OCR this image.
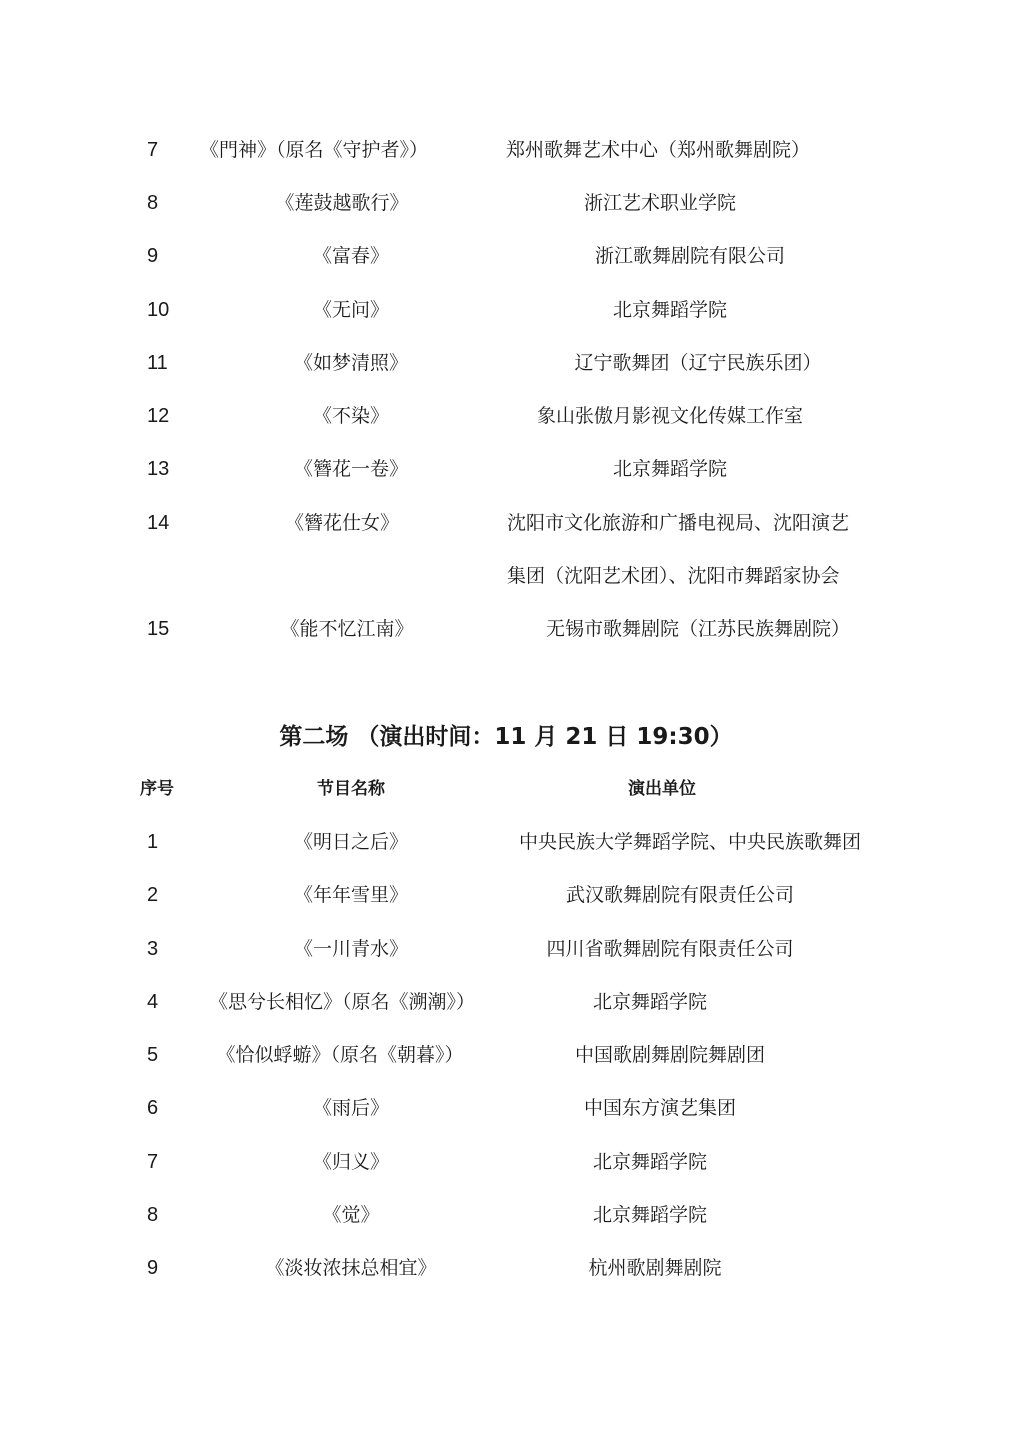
7 《門神》（原名《守护者》）	郑州歌舞艺术中心（郑州歌舞剧院）
8	《莲鼓越歌行》	浙江艺术职业学院
9	《富春》	浙江歌舞剧院有限公司
10	《无问》	北京舞蹈学院
11	《如梦清照》	辽宁歌舞团（辽宁民族乐团）
12	《不染》	象山张傲月影视文化传媒工作室
13	《簪花一卷》	北京舞蹈学院
14	《簪花仕女》	沈阳市文化旅游和广播电视局、沈阳演艺
集团（沈阳艺术团）、沈阳市舞蹈家协会
15	《能不忆江南》	无锡市歌舞剧院（江苏民族舞剧院）
第二场 （演出时间：11 月 21 日 19:30）
序号	节目名称	演出单位
1	《明日之后》	中央民族大学舞蹈学院、中央民族歌舞团
2	《年年雪里》	武汉歌舞剧院有限责任公司
3	《一川青水》	四川省歌舞剧院有限责任公司
4	《思兮长相忆》（原名《溯潮》）	北京舞蹈学院
5	《恰似蜉蝣》（原名《朝暮》）	中国歌剧舞剧院舞剧团
6	《雨后》	中国东方演艺集团
7	《归义》	北京舞蹈学院
8	《觉》	北京舞蹈学院
9	《淡妆浓抹总相宜》	杭州歌剧舞剧院
